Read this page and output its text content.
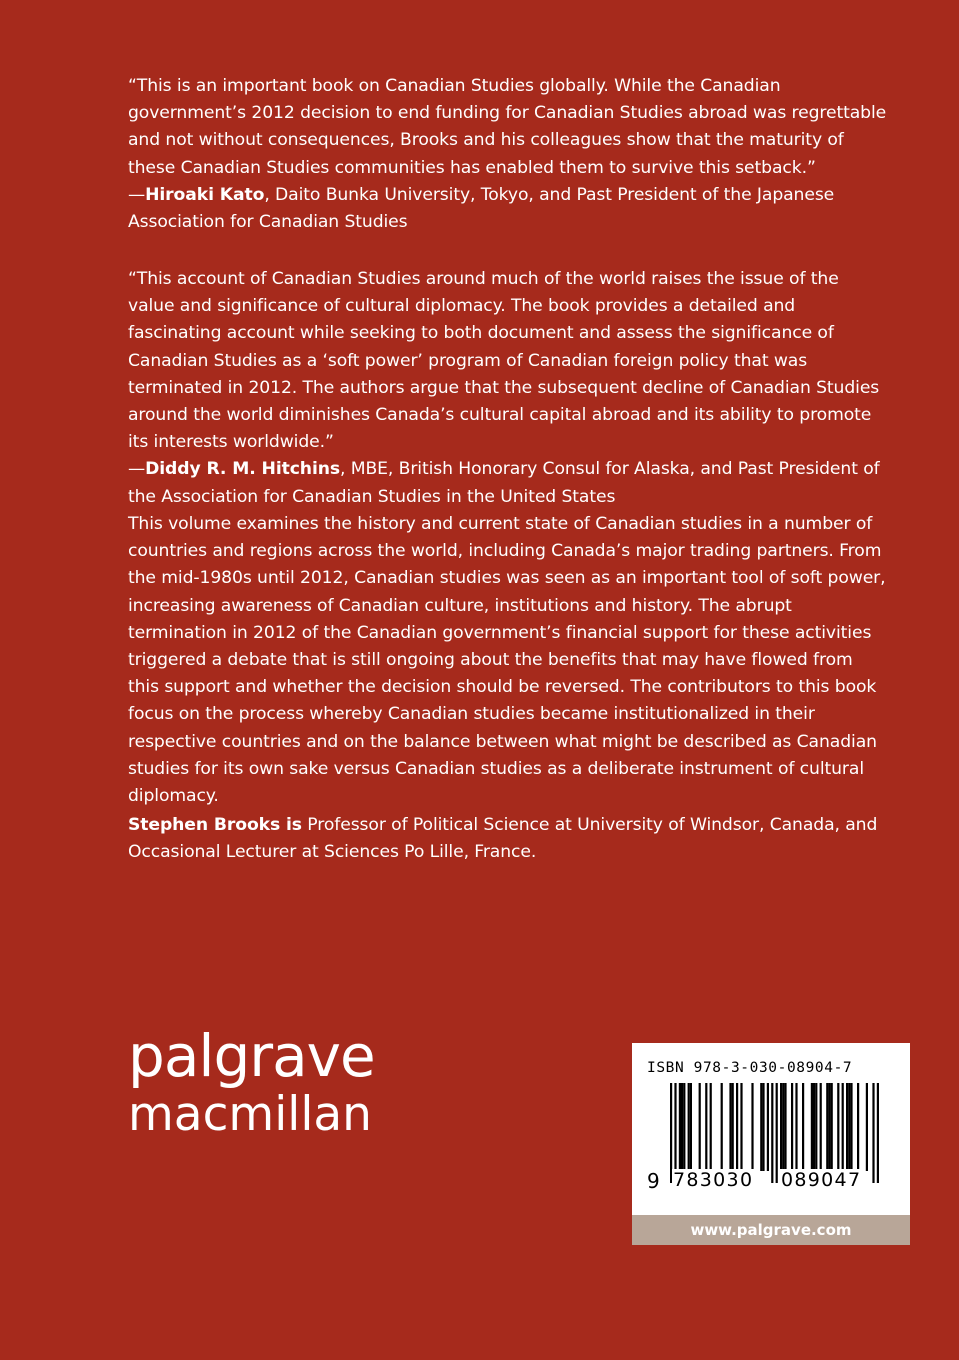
“This is an important book on Canadian Studies globally. While the Canadian government’s 2012 decision to end funding for Canadian Studies abroad was regrettable and not without consequences, Brooks and his colleagues show that the maturity of these Canadian Studies communities has enabled them to survive this setback.”
—Hiroaki Kato, Daito Bunka University, Tokyo, and Past President of the Japanese Association for Canadian Studies

“This account of Canadian Studies around much of the world raises the issue of the value and significance of cultural diplomacy. The book provides a detailed and fascinating account while seeking to both document and assess the significance of Canadian Studies as a ‘soft power’ program of Canadian foreign policy that was terminated in 2012. The authors argue that the subsequent decline of Canadian Studies around the world diminishes Canada’s cultural capital abroad and its ability to promote its interests worldwide.”
—Diddy R. M. Hitchins, MBE, British Honorary Consul for Alaska, and Past President of the Association for Canadian Studies in the United States

This volume examines the history and current state of Canadian studies in a number of countries and regions across the world, including Canada’s major trading partners. From the mid-1980s until 2012, Canadian studies was seen as an important tool of soft power, increasing awareness of Canadian culture, institutions and history. The abrupt termination in 2012 of the Canadian government’s financial support for these activities triggered a debate that is still ongoing about the benefits that may have flowed from this support and whether the decision should be reversed. The contributors to this book focus on the process whereby Canadian studies became institutionalized in their respective countries and on the balance between what might be described as Canadian studies for its own sake versus Canadian studies as a deliberate instrument of cultural diplomacy.

Stephen Brooks is Professor of Political Science at University of Windsor, Canada, and Occasional Lecturer at Sciences Po Lille, France.

palgrave
macmillan
ISBN 978-3-030-08904-7
9 783030 089047
www.palgrave.com
